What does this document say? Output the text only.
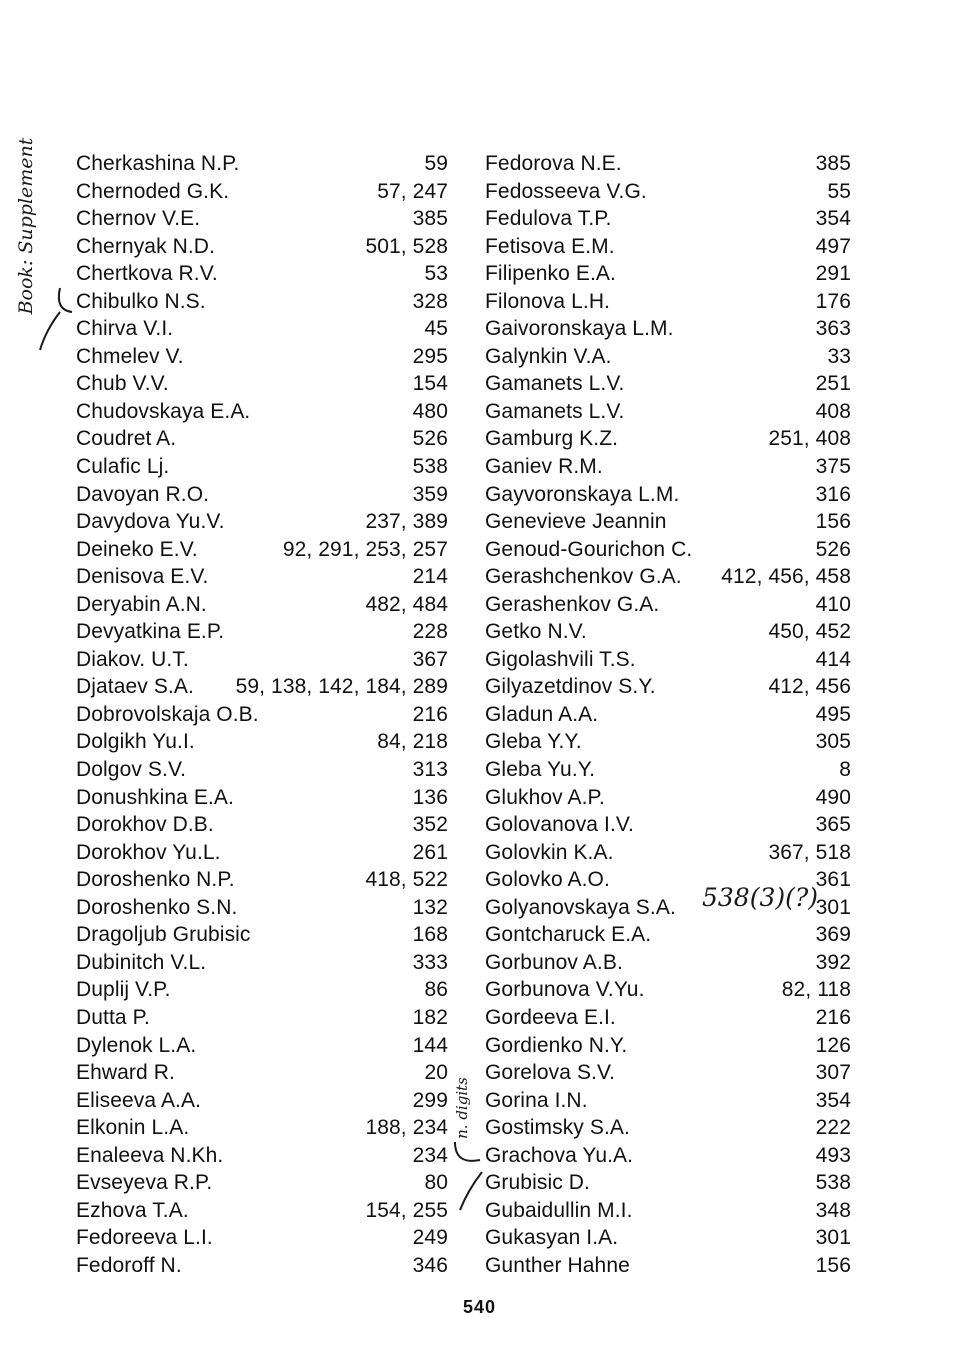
Book: Supplement Cherkashina N.P.	59
Chernoded G.K.	57, 247
Chernov V.E.	385
Chernyak N.D.	501, 528
Chertkova R.V.	53
Chibulko N.S.	328
Chirva V.I.	45
Chmelev V.	295
Chub V.V.	154
Chudovskaya E.A.	480
Coudret A.	526
Culafic Lj.	538
Davoyan R.O.	359
Davydova Yu.V.	237, 389
Deineko E.V.	92, 291, 253, 257
Denisova E.V.	214
Deryabin A.N.	482, 484
Devyatkina E.P.	228
Diakov. U.T.	367
Djataev S.A. 59, 138, 142, 184, 289
Dobrovolskaja O.B.	216
Dolgikh Yu.I.	84, 218
Dolgov S.V.	313
Donushkina E.A.	136
Dorokhov D.B.	352
Dorokhov Yu.L.	261
Doroshenko N.P.	418, 522
Doroshenko S.N.	132
Dragoljub Grubisic	168
Dubinitch V.L.	333
Duplij V.P.	86
Dutta P.	182
Dylenok L.A.	144
Ehward R.	20
Eliseeva A.A.	299
Elkonin L.A.	188, 234
Enaleeva N.Kh.	234
Evseyeva R.P.	80
Ezhova T.A.	154, 255
Fedoreeva L.I.	249
Fedoroff N.	346
Fedorova N.E.	385
Fedosseeva V.G.	55
Fedulova T.P.	354
Fetisova E.M.	497
Filipenko E.A.	291
Filonova L.H.	176
Gaivoronskaya L.M.	363
Galynkin V.A.	33
Gamanets L.V.	251
Gamanets L.V.	408
Gamburg K.Z.	251, 408
Ganiev R.M.	375
Gayvoronskaya L.M.	316
Genevieve Jeannin	156
Genoud-Gourichon C.	526
Gerashchenkov G.A. 412, 456, 458
Gerashenkov G.A.	410
Getko N.V.	450, 452
Gigolashvili T.S.	414
Gilyazetdinov S.Y.	412, 456
Gladun A.A.	495
Gleba Y.Y.	305
Gleba Yu.Y.	8
Glukhov A.P.	490
Golovanova I.V.	365
Golovkin K.A.	367, 518
Golovko A.O.	361
Golyanovskaya S.A.	301
Gontcharuck E.A.	369
Gorbunov A.B.	392
Gorbunova V.Yu.	82, 118
Gordeeva E.I.	216
Gordienko N.Y.	126
Gorelova S.V.	307
Gorina I.N.	354
Gostimsky S.A.	222
Grachova Yu.A.	493
Grubisic D.	538
Gubaidullin M.I.	348
Gukasyan I.A.	301
Gunther Hahne	156
n. digits
538(3)(?)
540
